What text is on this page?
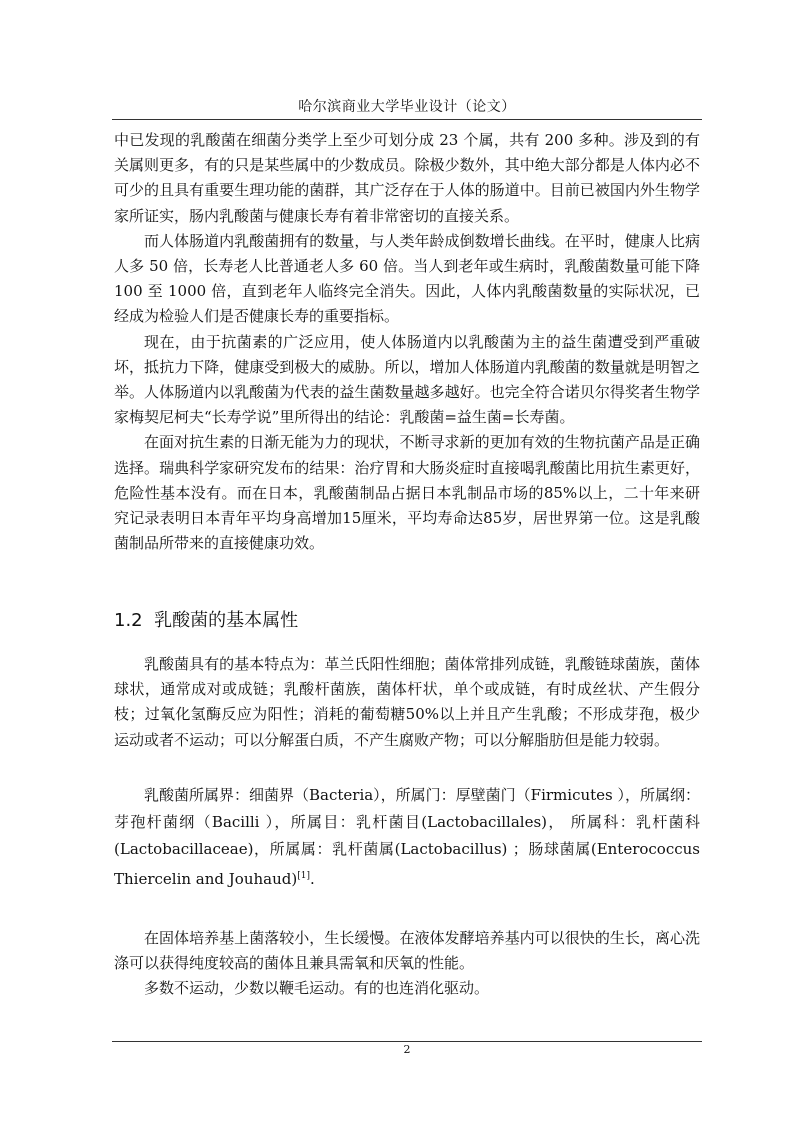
哈尔滨商业大学毕业设计（论文）

中已发现的乳酸菌在细菌分类学上至少可划分成 23 个属，共有 200 多种。涉及到的有关属则更多，有的只是某些属中的少数成员。除极少数外，其中绝大部分都是人体内必不可少的且具有重要生理功能的菌群，其广泛存在于人体的肠道中。目前已被国内外生物学家所证实，肠内乳酸菌与健康长寿有着非常密切的直接关系。

而人体肠道内乳酸菌拥有的数量，与人类年龄成倒数增长曲线。在平时，健康人比病人多 50 倍，长寿老人比普通老人多 60 倍。当人到老年或生病时，乳酸菌数量可能下降 100 至 1000 倍，直到老年人临终完全消失。因此，人体内乳酸菌数量的实际状况，已经成为检验人们是否健康长寿的重要指标。

现在，由于抗菌素的广泛应用，使人体肠道内以乳酸菌为主的益生菌遭受到严重破坏，抵抗力下降，健康受到极大的威胁。所以，增加人体肠道内乳酸菌的数量就是明智之举。人体肠道内以乳酸菌为代表的益生菌数量越多越好。也完全符合诺贝尔得奖者生物学家梅契尼柯夫“长寿学说”里所得出的结论：乳酸菌=益生菌=长寿菌。

在面对抗生素的日渐无能为力的现状，不断寻求新的更加有效的生物抗菌产品是正确选择。瑞典科学家研究发布的结果：治疗胃和大肠炎症时直接喝乳酸菌比用抗生素更好，危险性基本没有。而在日本，乳酸菌制品占据日本乳制品市场的85%以上，二十年来研究记录表明日本青年平均身高增加15厘米，平均寿命达85岁，居世界第一位。这是乳酸菌制品所带来的直接健康功效。

1.2 乳酸菌的基本属性

乳酸菌具有的基本特点为：革兰氏阳性细胞；菌体常排列成链，乳酸链球菌族，菌体球状，通常成对或成链；乳酸杆菌族，菌体杆状，单个或成链，有时成丝状、产生假分枝；过氧化氢酶反应为阳性；消耗的葡萄糖50%以上并且产生乳酸；不形成芽孢，极少运动或者不运动；可以分解蛋白质，不产生腐败产物；可以分解脂肪但是能力较弱。

乳酸菌所属界：细菌界（Bacteria），所属门：厚壁菌门（Firmicutes ），所属纲：芽孢杆菌纲（Bacilli ），所属目：乳杆菌目(Lactobacillales)， 所属科：乳杆菌科(Lactobacillaceae)，所属属：乳杆菌属(Lactobacillus) ；肠球菌属(Enterococcus Thiercelin and Jouhaud)[1].

在固体培养基上菌落较小，生长缓慢。在液体发酵培养基内可以很快的生长，离心洗涤可以获得纯度较高的菌体且兼具需氧和厌氧的性能。

多数不运动，少数以鞭毛运动。有的也连消化驱动。

2
